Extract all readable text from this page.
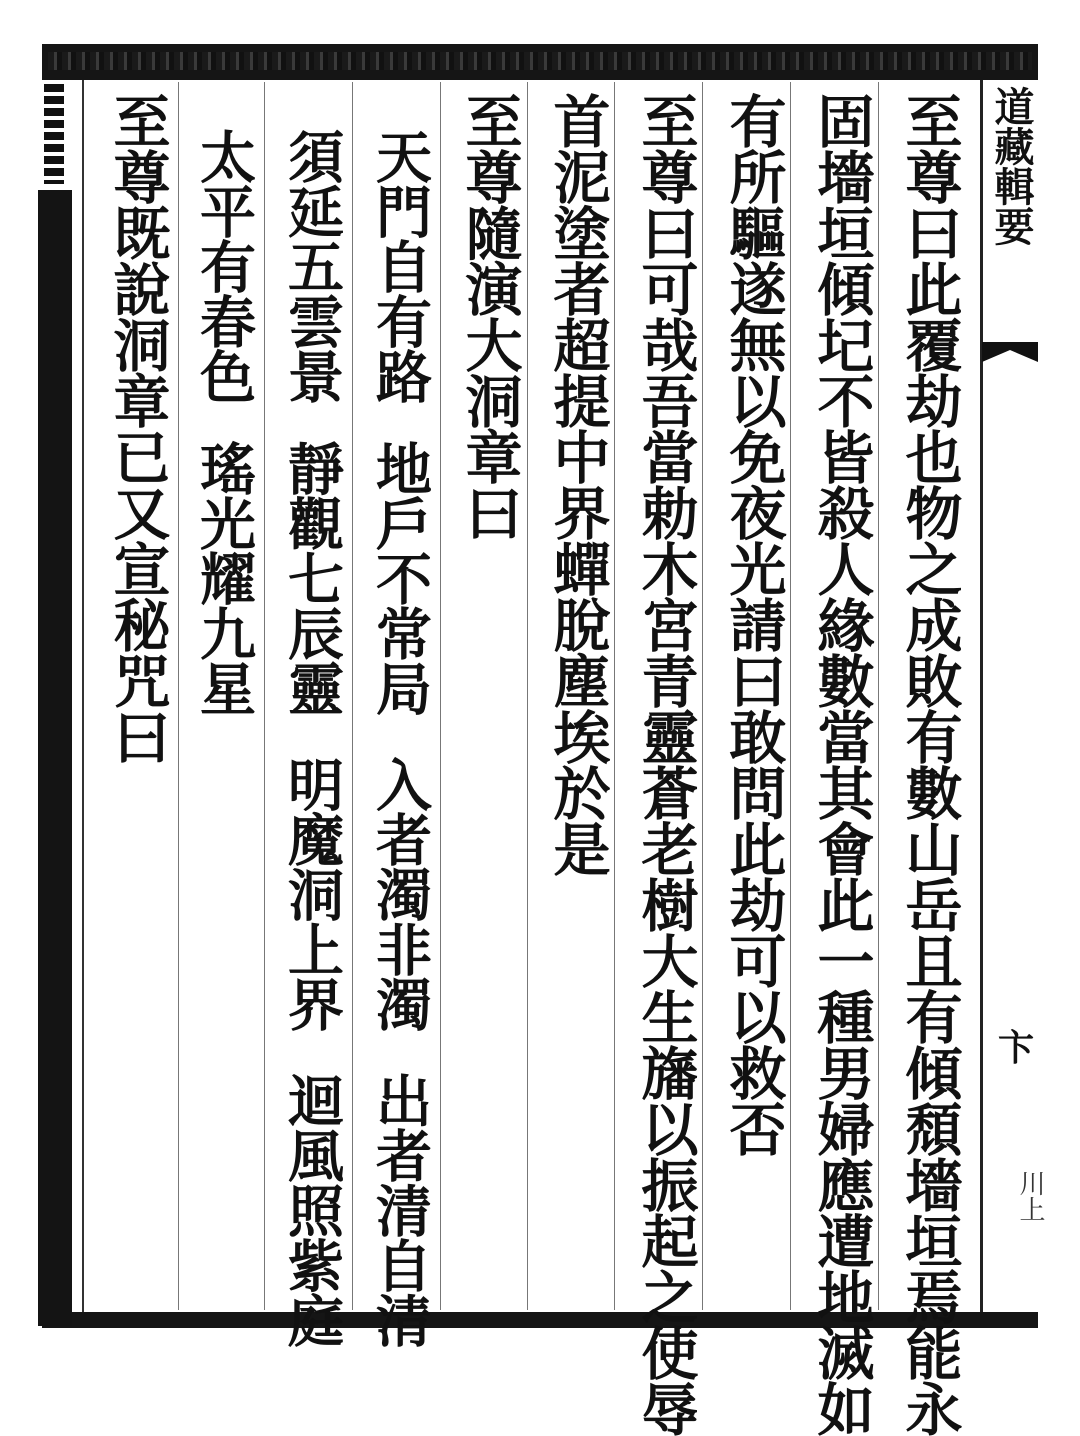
道藏輯要
卞
川上
至尊曰此覆劫也物之成敗有數山岳且有傾頹墻垣焉能永
固墻垣傾圮不皆殺人緣數當其會此一種男婦應遭地滅如
有所驅遂無以免夜光請曰敢問此劫可以救否
至尊曰可哉吾當勅木宮青靈蒼老樹大生旛以振起之使辱
首泥塗者超提中界蟬脫塵埃於是
至尊隨演大洞章曰
天門自有路
地戶不常局
入者濁非濁
出者清自清
須延五雲景
靜觀七辰靈
明魔洞上界
迴風照紫庭
太平有春色
瑤光耀九星
至尊既說洞章已又宣秘咒曰
